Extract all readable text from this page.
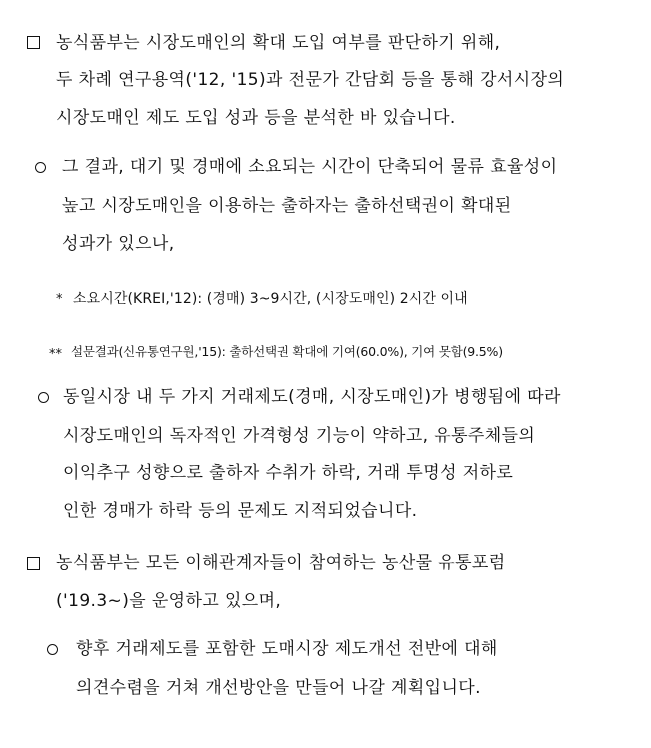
농식품부는 시장도매인의 확대 도입 여부를 판단하기 위해,
두 차례 연구용역('12, '15)과 전문가 간담회 등을 통해 강서시장의
시장도매인 제도 도입 성과 등을 분석한 바 있습니다.
그 결과, 대기 및 경매에 소요되는 시간이 단축되어 물류 효율성이
높고 시장도매인을 이용하는 출하자는 출하선택권이 확대된
성과가 있으나,
* 소요시간(KREI,'12): (경매) 3~9시간, (시장도매인) 2시간 이내
** 설문결과(신유통연구원,'15): 출하선택권 확대에 기여(60.0%), 기여 못함(9.5%)
동일시장 내 두 가지 거래제도(경매, 시장도매인)가 병행됨에 따라
시장도매인의 독자적인 가격형성 기능이 약하고, 유통주체들의
이익추구 성향으로 출하자 수취가 하락, 거래 투명성 저하로
인한 경매가 하락 등의 문제도 지적되었습니다.
농식품부는 모든 이해관계자들이 참여하는 농산물 유통포럼
('19.3~)을 운영하고 있으며,
향후 거래제도를 포함한 도매시장 제도개선 전반에 대해
의견수렴을 거쳐 개선방안을 만들어 나갈 계획입니다.
